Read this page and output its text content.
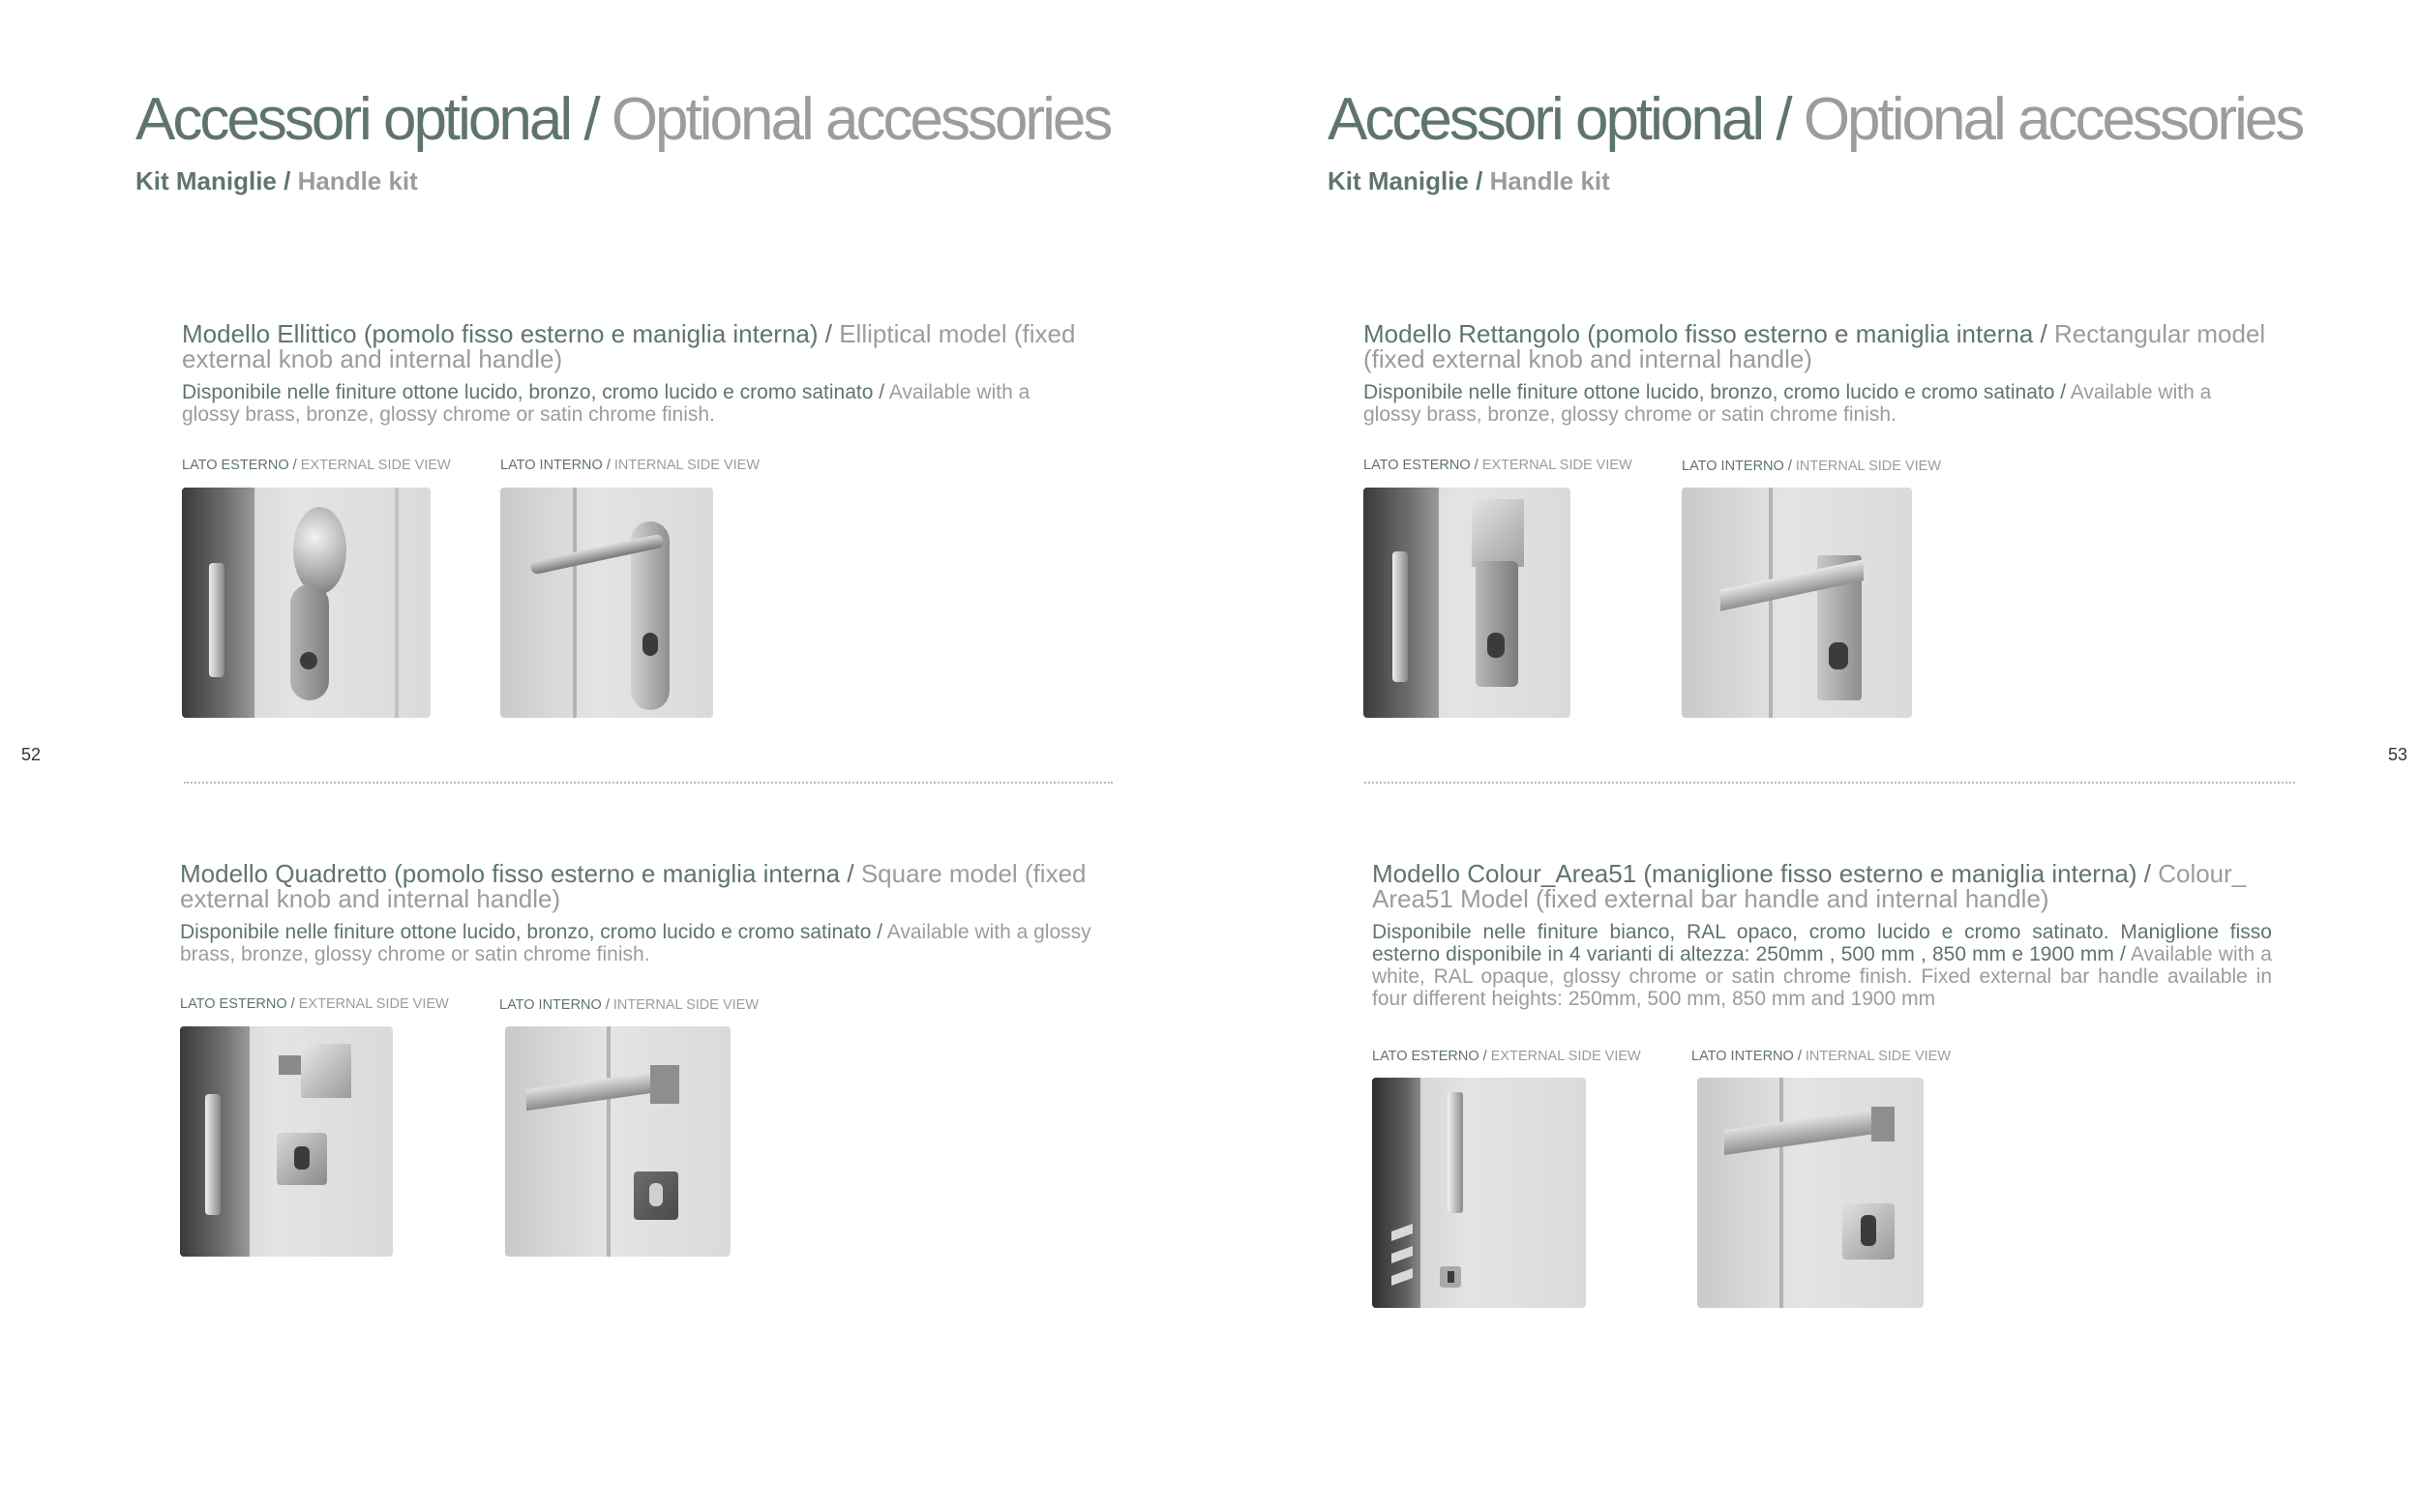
Accessori optional / Optional accessories
Kit Maniglie / Handle kit

Modello Ellittico (pomolo fisso esterno e maniglia interna) / Elliptical model (fixed external knob and internal handle)

Disponibile nelle finiture ottone lucido, bronzo, cromo lucido e cromo satinato / Available with a glossy brass, bronze, glossy chrome or satin chrome finish.

LATO ESTERNO / EXTERNAL SIDE VIEW	LATO INTERNO / INTERNAL SIDE VIEW
52

Modello Quadretto (pomolo fisso esterno e maniglia interna / Square model (fixed external knob and internal handle)

Disponibile nelle finiture ottone lucido, bronzo, cromo lucido e cromo satinato / Available with a glossy brass, bronze, glossy chrome or satin chrome finish.

LATO ESTERNO / EXTERNAL SIDE VIEW	LATO INTERNO / INTERNAL SIDE VIEW
Accessori optional / Optional accessories
Kit Maniglie / Handle kit

Modello Rettangolo (pomolo fisso esterno e maniglia interna / Rectangular model (fixed external knob and internal handle)

Disponibile nelle finiture ottone lucido, bronzo, cromo lucido e cromo satinato / Available with a glossy brass, bronze, glossy chrome or satin chrome finish.

LATO ESTERNO / EXTERNAL SIDE VIEW	LATO INTERNO / INTERNAL SIDE VIEW
53

Modello Colour_Area51 (maniglione fisso esterno e maniglia interna) / Colour_ Area51 Model (fixed external bar handle and internal handle)

Disponibile nelle finiture bianco, RAL opaco, cromo lucido e cromo satinato. Maniglione fisso esterno disponibile in 4 varianti di altezza: 250mm , 500 mm , 850 mm e 1900 mm / Available with a white, RAL opaque, glossy chrome or satin chrome finish. Fixed external bar handle available in four different heights: 250mm, 500 mm, 850 mm and 1900 mm

LATO ESTERNO / EXTERNAL SIDE VIEW	LATO INTERNO / INTERNAL SIDE VIEW
